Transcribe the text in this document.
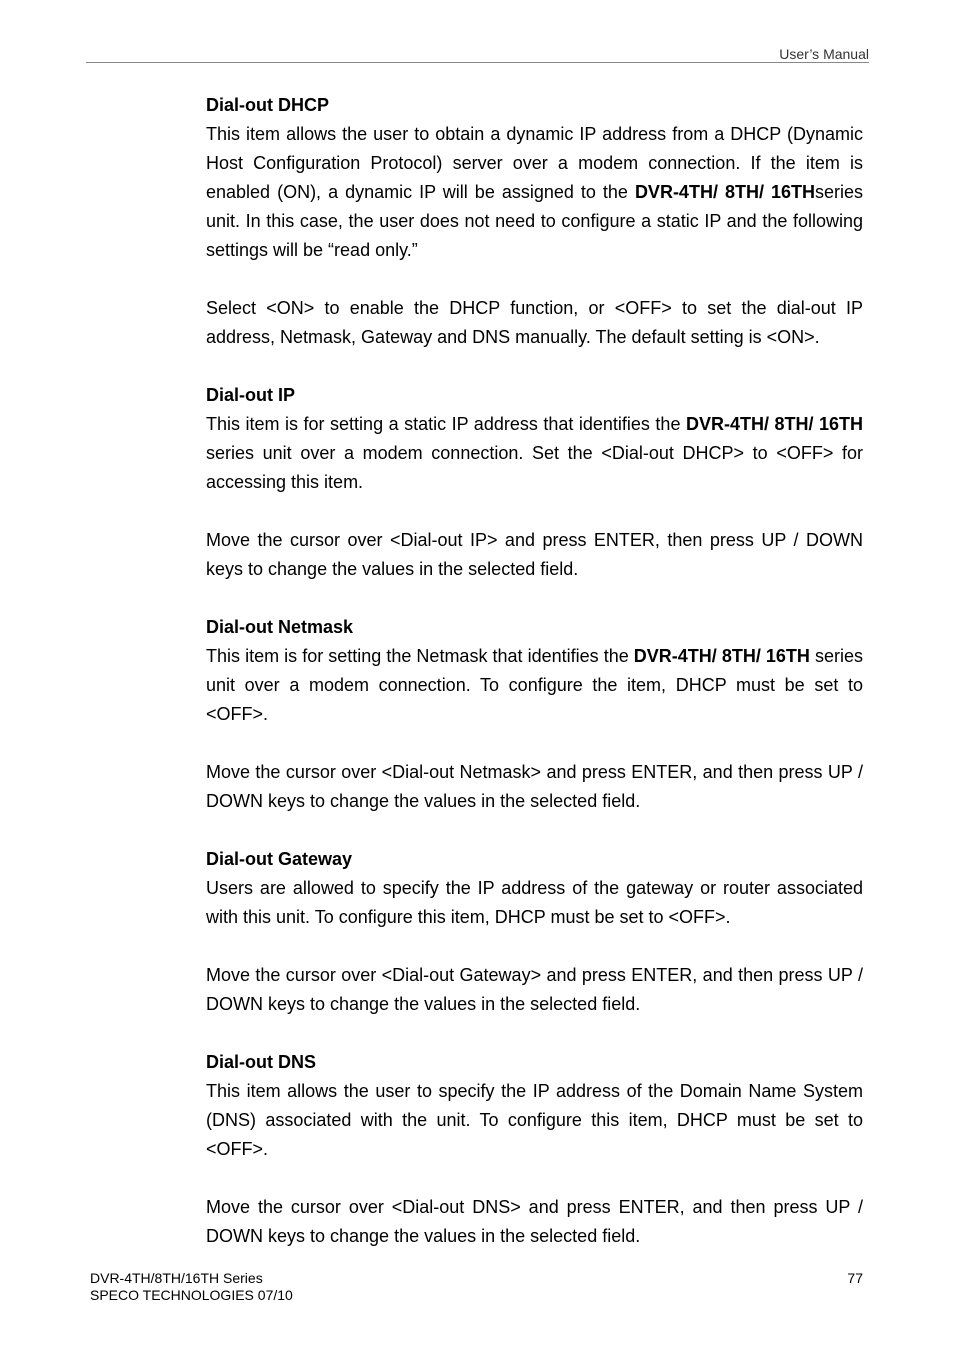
User’s Manual

Dial-out DHCP

This item allows the user to obtain a dynamic IP address from a DHCP (Dynamic Host Configuration Protocol) server over a modem connection. If the item is enabled (ON), a dynamic IP will be assigned to the DVR-4TH/ 8TH/ 16THseries unit. In this case, the user does not need to configure a static IP and the following settings will be “read only.”

Select <ON> to enable the DHCP function, or <OFF> to set the dial-out IP address, Netmask, Gateway and DNS manually. The default setting is <ON>.

Dial-out IP

This item is for setting a static IP address that identifies the DVR-4TH/ 8TH/ 16TH series unit over a modem connection. Set the <Dial-out DHCP> to <OFF> for accessing this item.

Move the cursor over <Dial-out IP> and press ENTER, then press UP / DOWN keys to change the values in the selected field.

Dial-out Netmask

This item is for setting the Netmask that identifies the DVR-4TH/ 8TH/ 16TH series unit over a modem connection. To configure the item, DHCP must be set to <OFF>.

Move the cursor over <Dial-out Netmask> and press ENTER, and then press UP / DOWN keys to change the values in the selected field.

Dial-out Gateway

Users are allowed to specify the IP address of the gateway or router associated with this unit. To configure this item, DHCP must be set to <OFF>.

Move the cursor over <Dial-out Gateway> and press ENTER, and then press UP / DOWN keys to change the values in the selected field.

Dial-out DNS

This item allows the user to specify the IP address of the Domain Name System (DNS) associated with the unit. To configure this item, DHCP must be set to <OFF>.

Move the cursor over <Dial-out DNS> and press ENTER, and then press UP / DOWN keys to change the values in the selected field.

DVR-4TH/8TH/16TH Series
SPECO TECHNOLOGIES 07/10
77
